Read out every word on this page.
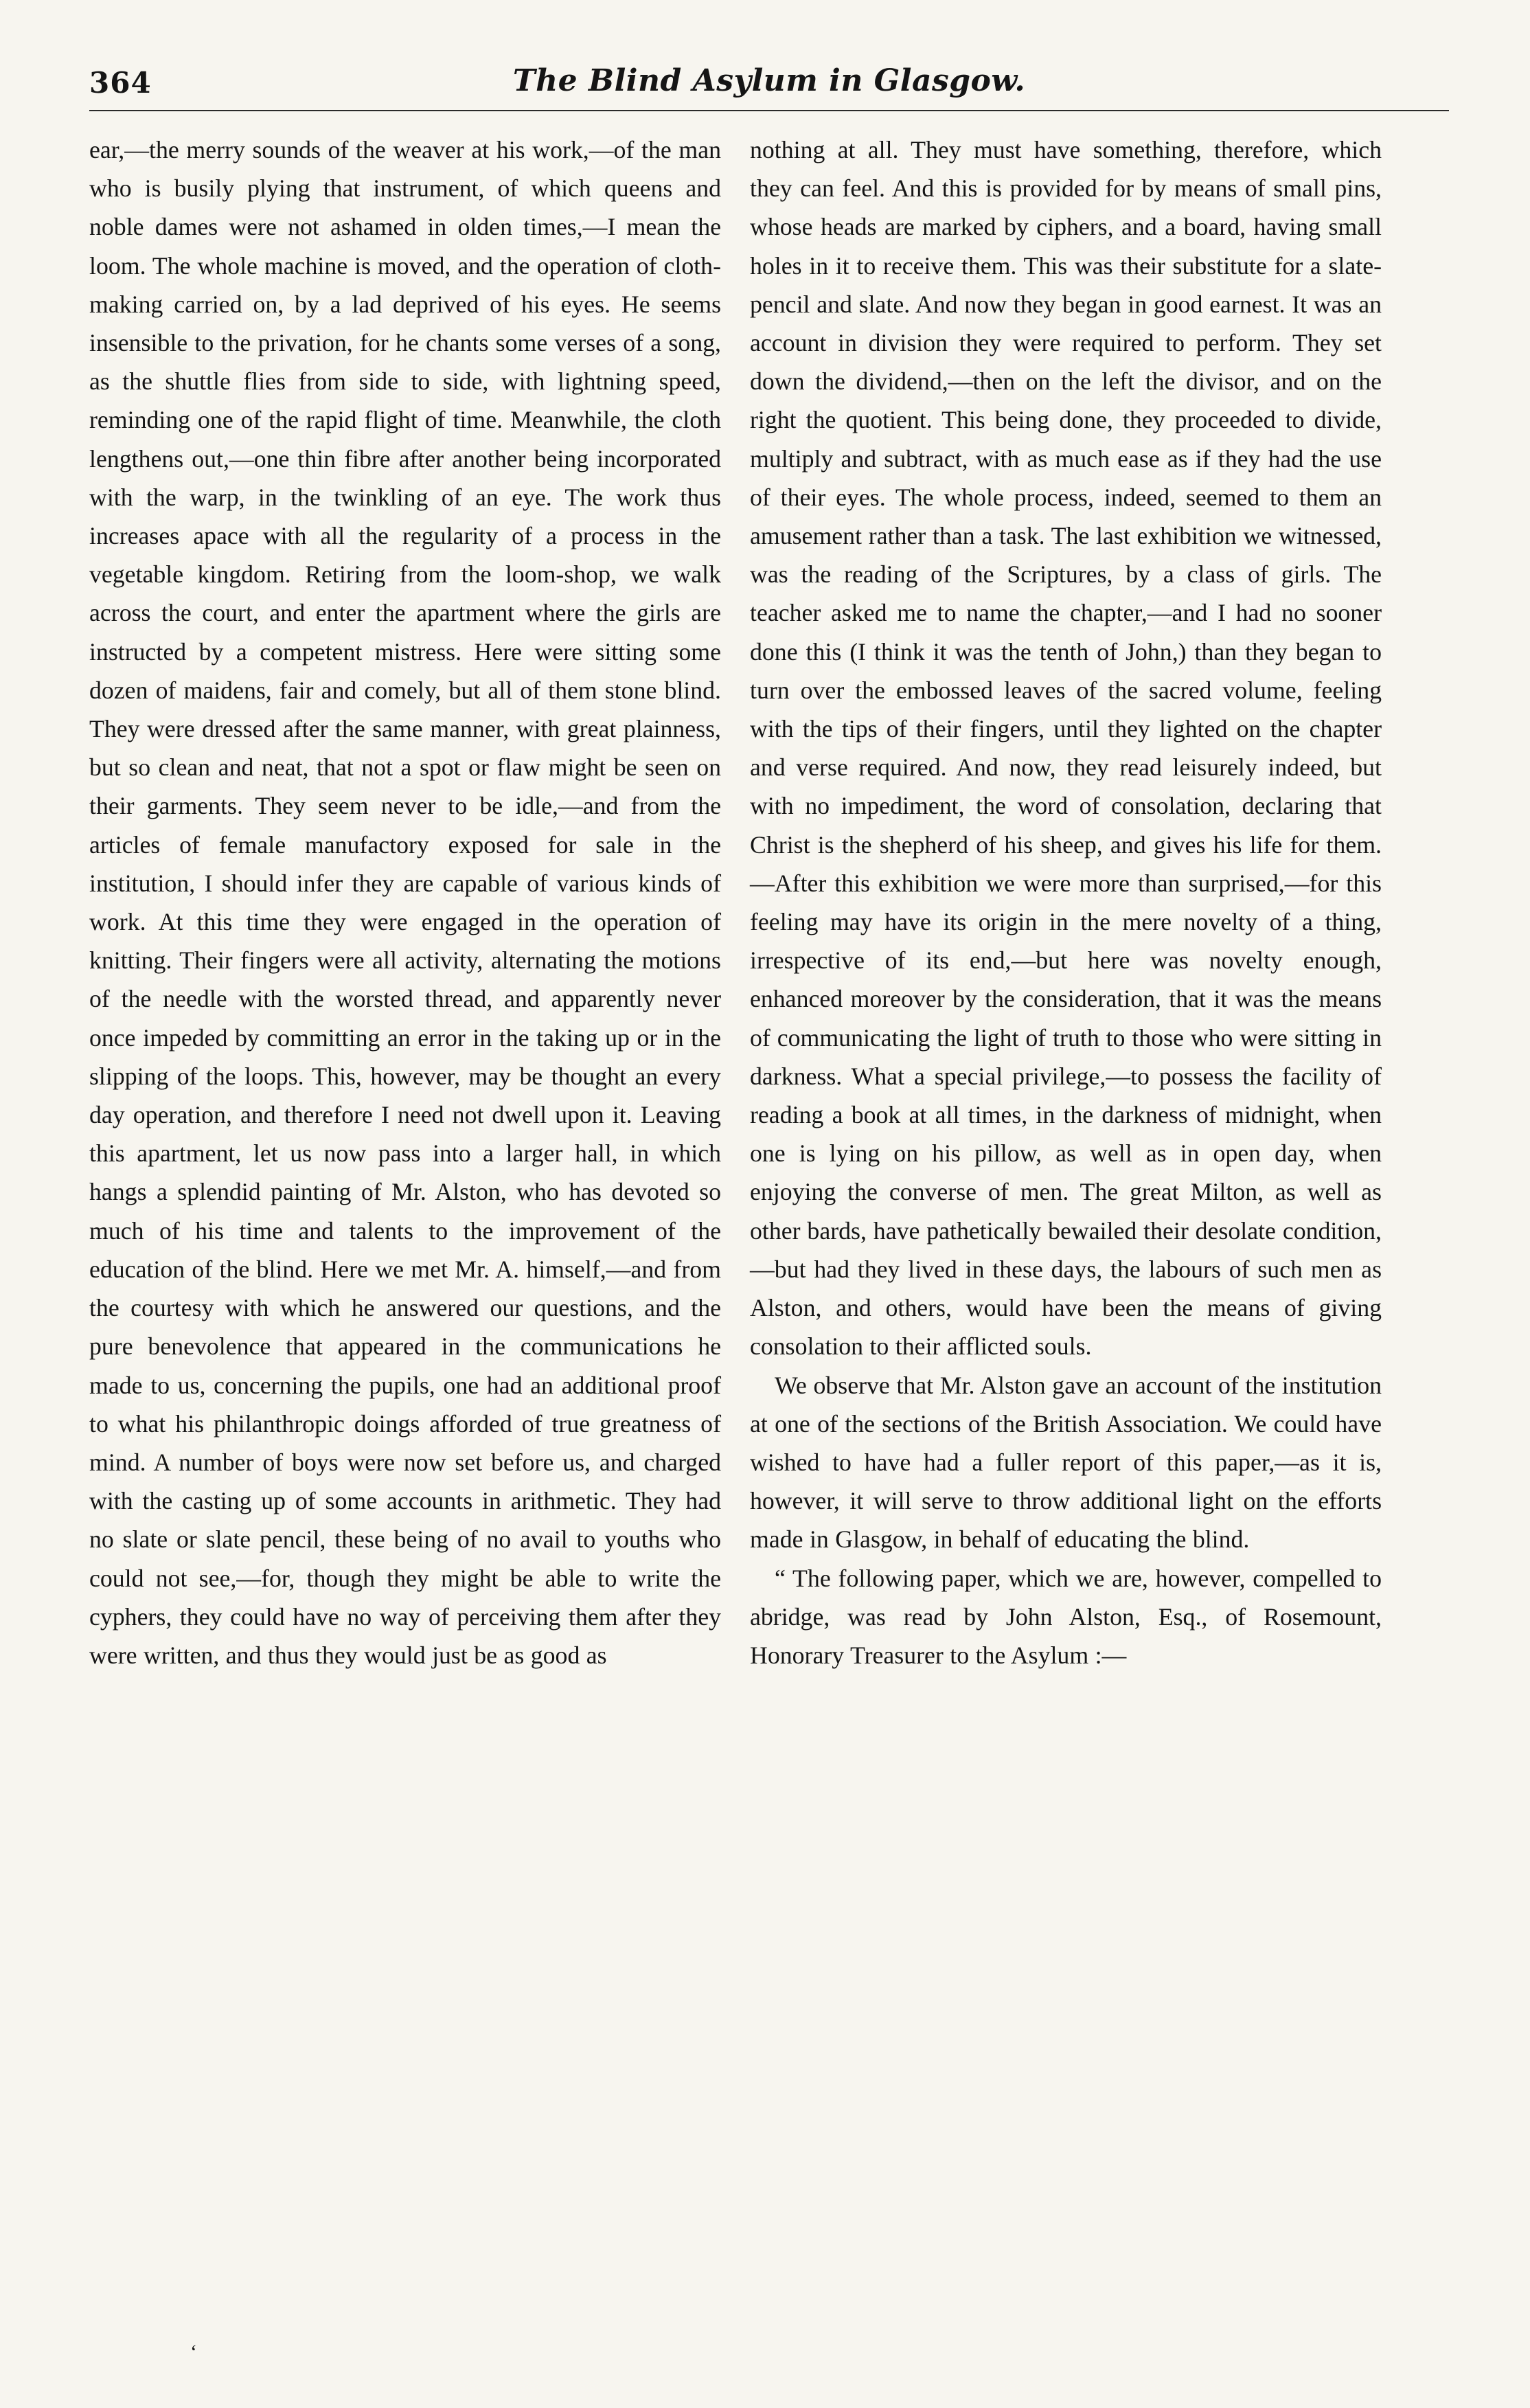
364	The Blind Asylum in Glasgow.

ear,—the merry sounds of the weaver at his work,—of the man who is busily plying that instrument, of which queens and noble dames were not ashamed in olden times,—I mean the loom. The whole machine is moved, and the operation of cloth-making carried on, by a lad deprived of his eyes. He seems insensible to the privation, for he chants some verses of a song, as the shuttle flies from side to side, with lightning speed, reminding one of the rapid flight of time. Meanwhile, the cloth lengthens out,—one thin fibre after another being incorporated with the warp, in the twinkling of an eye. The work thus increases apace with all the regularity of a process in the vegetable kingdom. Retiring from the loom-shop, we walk across the court, and enter the apartment where the girls are instructed by a competent mistress. Here were sitting some dozen of maidens, fair and comely, but all of them stone blind. They were dressed after the same manner, with great plainness, but so clean and neat, that not a spot or flaw might be seen on their garments. They seem never to be idle,—and from the articles of female manufactory exposed for sale in the institution, I should infer they are capable of various kinds of work. At this time they were engaged in the operation of knitting. Their fingers were all activity, alternating the motions of the needle with the worsted thread, and apparently never once impeded by committing an error in the taking up or in the slipping of the loops. This, however, may be thought an every day operation, and therefore I need not dwell upon it. Leaving this apartment, let us now pass into a larger hall, in which hangs a splendid painting of Mr. Alston, who has devoted so much of his time and talents to the improvement of the education of the blind. Here we met Mr. A. himself,—and from the courtesy with which he answered our questions, and the pure benevolence that appeared in the communications he made to us, concerning the pupils, one had an additional proof to what his philanthropic doings afforded of true greatness of mind. A number of boys were now set before us, and charged with the casting up of some accounts in arithmetic. They had no slate or slate pencil, these being of no avail to youths who could not see,—for, though they might be able to write the cyphers, they could have no way of perceiving them after they were written, and thus they would just be as good as

nothing at all. They must have something, therefore, which they can feel. And this is provided for by means of small pins, whose heads are marked by ciphers, and a board, having small holes in it to receive them. This was their substitute for a slate-pencil and slate. And now they began in good earnest. It was an account in division they were required to perform. They set down the dividend,—then on the left the divisor, and on the right the quotient. This being done, they proceeded to divide, multiply and subtract, with as much ease as if they had the use of their eyes. The whole process, indeed, seemed to them an amusement rather than a task. The last exhibition we witnessed, was the reading of the Scriptures, by a class of girls. The teacher asked me to name the chapter,—and I had no sooner done this (I think it was the tenth of John,) than they began to turn over the embossed leaves of the sacred volume, feeling with the tips of their fingers, until they lighted on the chapter and verse required. And now, they read leisurely indeed, but with no impediment, the word of consolation, declaring that Christ is the shepherd of his sheep, and gives his life for them.—After this exhibition we were more than surprised,—for this feeling may have its origin in the mere novelty of a thing, irrespective of its end,—but here was novelty enough, enhanced moreover by the consideration, that it was the means of communicating the light of truth to those who were sitting in darkness. What a special privilege,—to possess the facility of reading a book at all times, in the darkness of midnight, when one is lying on his pillow, as well as in open day, when enjoying the converse of men. The great Milton, as well as other bards, have pathetically bewailed their desolate condition,—but had they lived in these days, the labours of such men as Alston, and others, would have been the means of giving consolation to their afflicted souls.

We observe that Mr. Alston gave an account of the institution at one of the sections of the British Association. We could have wished to have had a fuller report of this paper,—as it is, however, it will serve to throw additional light on the efforts made in Glasgow, in behalf of educating the blind.

“ The following paper, which we are, however, compelled to abridge, was read by John Alston, Esq., of Rosemount, Honorary Treasurer to the Asylum :—

‘
